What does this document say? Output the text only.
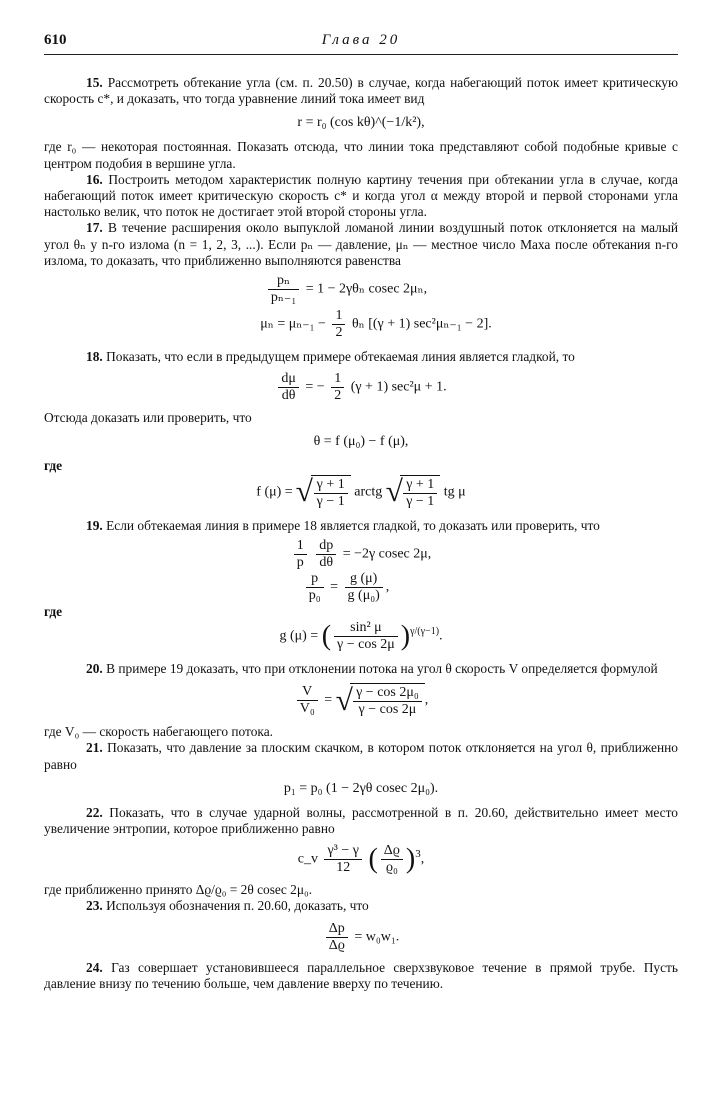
610	Глава 20

15. Рассмотреть обтекание угла (см. п. 20.50) в случае, когда набегающий поток имеет критическую скорость c*, и доказать, что тогда уравнение линий тока имеет вид

r = r₀ (cos kθ)^(−1/k²),

где r₀ — некоторая постоянная. Показать отсюда, что линии тока представляют собой подобные кривые с центром подобия в вершине угла.

16. Построить методом характеристик полную картину течения при обтекании угла в случае, когда набегающий поток имеет критическую скорость c* и когда угол α между второй и первой сторонами угла настолько велик, что поток не достигает этой второй стороны угла.

17. В течение расширения около выпуклой ломаной линии воздушный поток отклоняется на малый угол θₙ у n-го излома (n = 1, 2, 3, ...). Если pₙ — давление, μₙ — местное число Маха после обтекания n-го излома, то доказать, что приближенно выполняются равенства

$\frac{\text{pₙ}}{\text{pₙ₋₁}} = 1 - 2\gamma\theta_n$ cosec 2μₙ,
$\mu_n = \mu_{n-1} - \frac{1}{2}$ θₙ [(γ + 1) sec²μₙ₋₁ − 2].

18. Показать, что если в предыдущем примере обтекаемая линия является гладкой, то

$\frac{d\mu}{d\theta}$ = − $\frac{1}{2} (\gamma + 1) \sec^2\mu + 1$.

Отсюда доказать или проверить, что

θ = f (μ₀) − f (μ),

где

f (μ) = √ γ + 1
γ − 1
arctg √ γ + 1
γ − 1
tg μ

19. Если обтекаемая линия в примере 18 является гладкой, то доказать или проверить, что

$\frac{1}{p}$
$\frac{dp}{d\theta} = -2\gamma$ cosec 2μ,
$\frac{p}{\text{p₀}} = \frac{g (\mu)}{\text{g (μ₀)}}$ ,

где

g (μ) = ( $\frac{\text{sin² μ}}{\gamma - \cos 2\mu} )^{\gamma/(\gamma-1)}$.

20. В примере 19 доказать, что при отклонении потока на угол θ скорость V определяется формулой

$\frac{V}{\text{V₀}}$ = √ γ − cos 2μ₀
γ − cos 2μ
,

где V₀ — скорость набегающего потока.

21. Показать, что давление за плоским скачком, в котором поток отклоняется на угол θ, приближенно равно

p₁ = p₀ (1 − 2γθ cosec 2μ₀).

22. Показать, что в случае ударной волны, рассмотренной в п. 20.60, действительно имеет место увеличение энтропии, которое приближенно равно

c_v $\frac{\text{γ³ − γ}}{12}$ ( $\frac{\Delta ϱ}{\text{ϱ₀}} )^3$,

где приближенно принято Δϱ/ϱ₀ = 2θ cosec 2μ₀.

23. Используя обозначения п. 20.60, доказать, что

$\frac{\Delta p}{\Delta ϱ} = w_0w_1$.

24. Газ совершает установившееся параллельное сверхзвуковое течение в прямой трубе. Пусть давление внизу по течению больше, чем давление вверху по течению.
